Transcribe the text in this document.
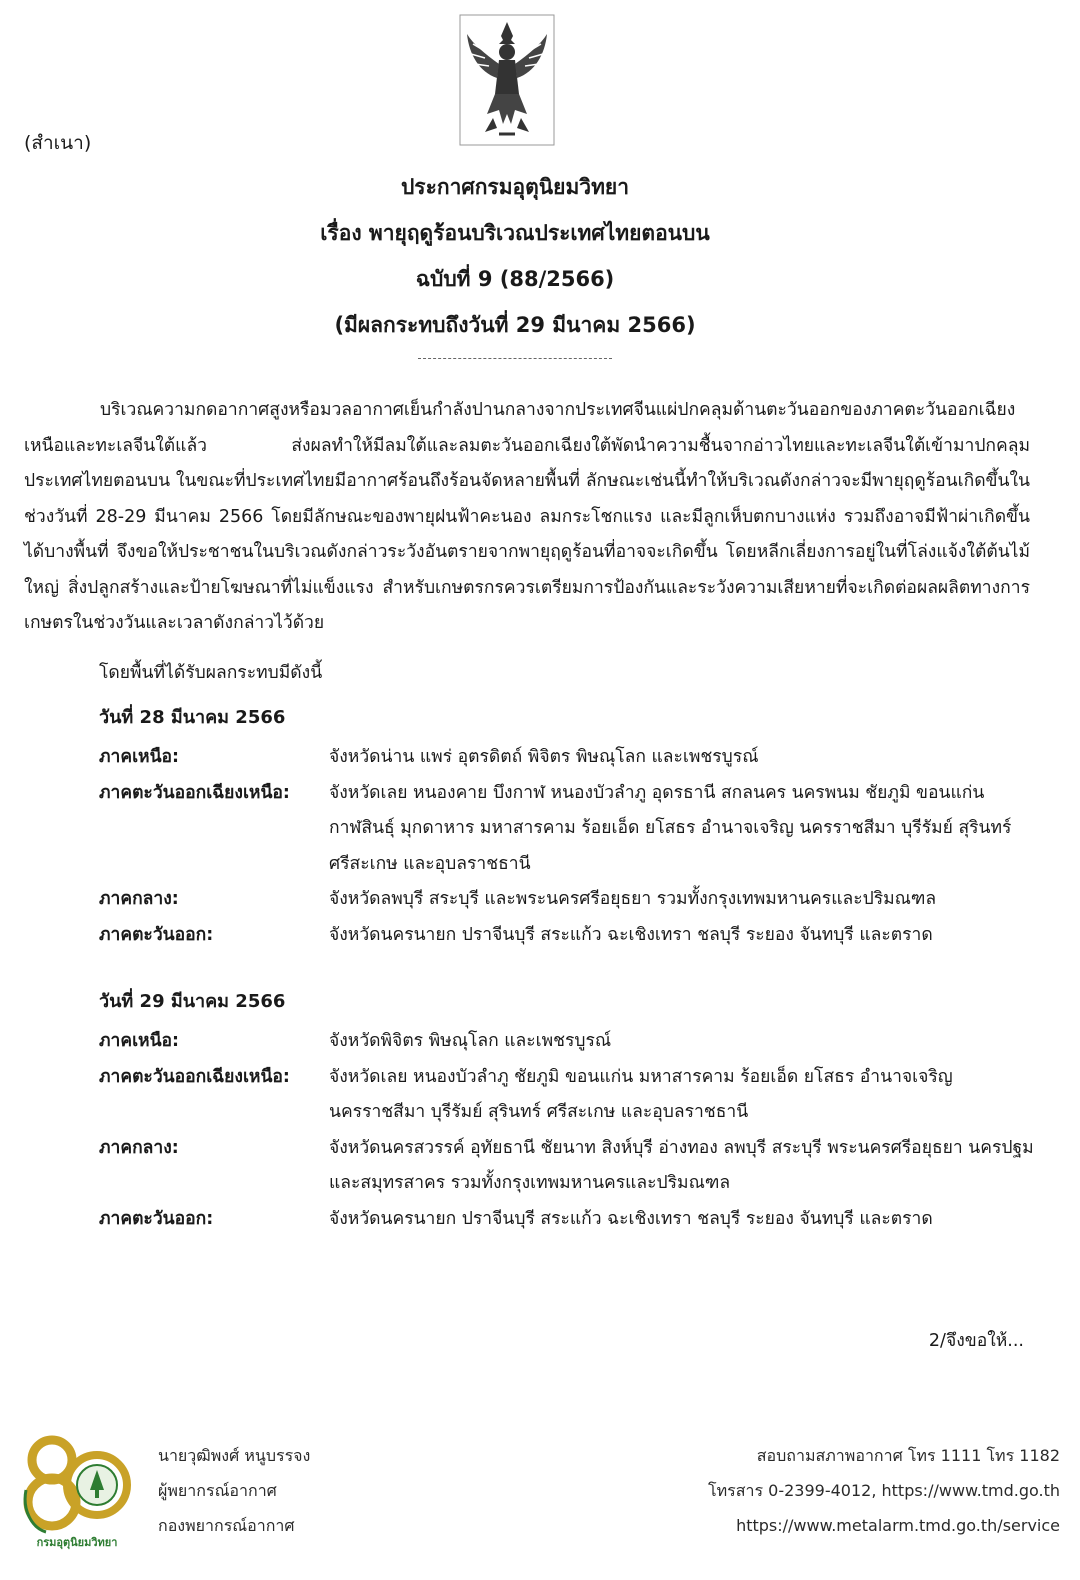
(สำเนา)
ประกาศกรมอุตุนิยมวิทยา
เรื่อง พายุฤดูร้อนบริเวณประเทศไทยตอนบน
ฉบับที่ 9 (88/2566)
(มีผลกระทบถึงวันที่ 29 มีนาคม 2566)
บริเวณความกดอากาศสูงหรือมวลอากาศเย็นกำลังปานกลางจากประเทศจีนแผ่ปกคลุมด้านตะวันออกของภาคตะวันออกเฉียงเหนือและทะเลจีนใต้แล้ว ส่งผลทำให้มีลมใต้และลมตะวันออกเฉียงใต้พัดนำความชื้นจากอ่าวไทยและทะเลจีนใต้เข้ามาปกคลุมประเทศไทยตอนบน ในขณะที่ประเทศไทยมีอากาศร้อนถึงร้อนจัดหลายพื้นที่ ลักษณะเช่นนี้ทำให้บริเวณดังกล่าวจะมีพายุฤดูร้อนเกิดขึ้นในช่วงวันที่ 28-29 มีนาคม 2566 โดยมีลักษณะของพายุฝนฟ้าคะนอง ลมกระโชกแรง และมีลูกเห็บตกบางแห่ง รวมถึงอาจมีฟ้าผ่าเกิดขึ้นได้บางพื้นที่ จึงขอให้ประชาชนในบริเวณดังกล่าวระวังอันตรายจากพายุฤดูร้อนที่อาจจะเกิดขึ้น โดยหลีกเลี่ยงการอยู่ในที่โล่งแจ้งใต้ต้นไม้ใหญ่ สิ่งปลูกสร้างและป้ายโฆษณาที่ไม่แข็งแรง สำหรับเกษตรกรควรเตรียมการป้องกันและระวังความเสียหายที่จะเกิดต่อผลผลิตทางการเกษตรในช่วงวันและเวลาดังกล่าวไว้ด้วย
โดยพื้นที่ได้รับผลกระทบมีดังนี้
วันที่ 28 มีนาคม 2566
ภาคเหนือ:	จังหวัดน่าน แพร่ อุตรดิตถ์ พิจิตร พิษณุโลก และเพชรบูรณ์
ภาคตะวันออกเฉียงเหนือ:	จังหวัดเลย หนองคาย บึงกาฬ หนองบัวลำภู อุดรธานี สกลนคร นครพนม ชัยภูมิ ขอนแก่น กาฬสินธุ์ มุกดาหาร มหาสารคาม ร้อยเอ็ด ยโสธร อำนาจเจริญ นครราชสีมา บุรีรัมย์ สุรินทร์ ศรีสะเกษ และอุบลราชธานี
ภาคกลาง:	จังหวัดลพบุรี สระบุรี และพระนครศรีอยุธยา รวมทั้งกรุงเทพมหานครและปริมณฑล
ภาคตะวันออก:	จังหวัดนครนายก ปราจีนบุรี สระแก้ว ฉะเชิงเทรา ชลบุรี ระยอง จันทบุรี และตราด
วันที่ 29 มีนาคม 2566
ภาคเหนือ:	จังหวัดพิจิตร พิษณุโลก และเพชรบูรณ์
ภาคตะวันออกเฉียงเหนือ:	จังหวัดเลย หนองบัวลำภู ชัยภูมิ ขอนแก่น มหาสารคาม ร้อยเอ็ด ยโสธร อำนาจเจริญ นครราชสีมา บุรีรัมย์ สุรินทร์ ศรีสะเกษ และอุบลราชธานี
ภาคกลาง:	จังหวัดนครสวรรค์ อุทัยธานี ชัยนาท สิงห์บุรี อ่างทอง ลพบุรี สระบุรี พระนครศรีอยุธยา นครปฐม และสมุทรสาคร รวมทั้งกรุงเทพมหานครและปริมณฑล
ภาคตะวันออก:	จังหวัดนครนายก ปราจีนบุรี สระแก้ว ฉะเชิงเทรา ชลบุรี ระยอง จันทบุรี และตราด
2/จึงขอให้...
กรมอุตุนิยมวิทยา
นายวุฒิพงศ์ หนูบรรจง
ผู้พยากรณ์อากาศ
กองพยากรณ์อากาศ
สอบถามสภาพอากาศ โทร 1111 โทร 1182
โทรสาร 0-2399-4012, https://www.tmd.go.th
https://www.metalarm.tmd.go.th/service
